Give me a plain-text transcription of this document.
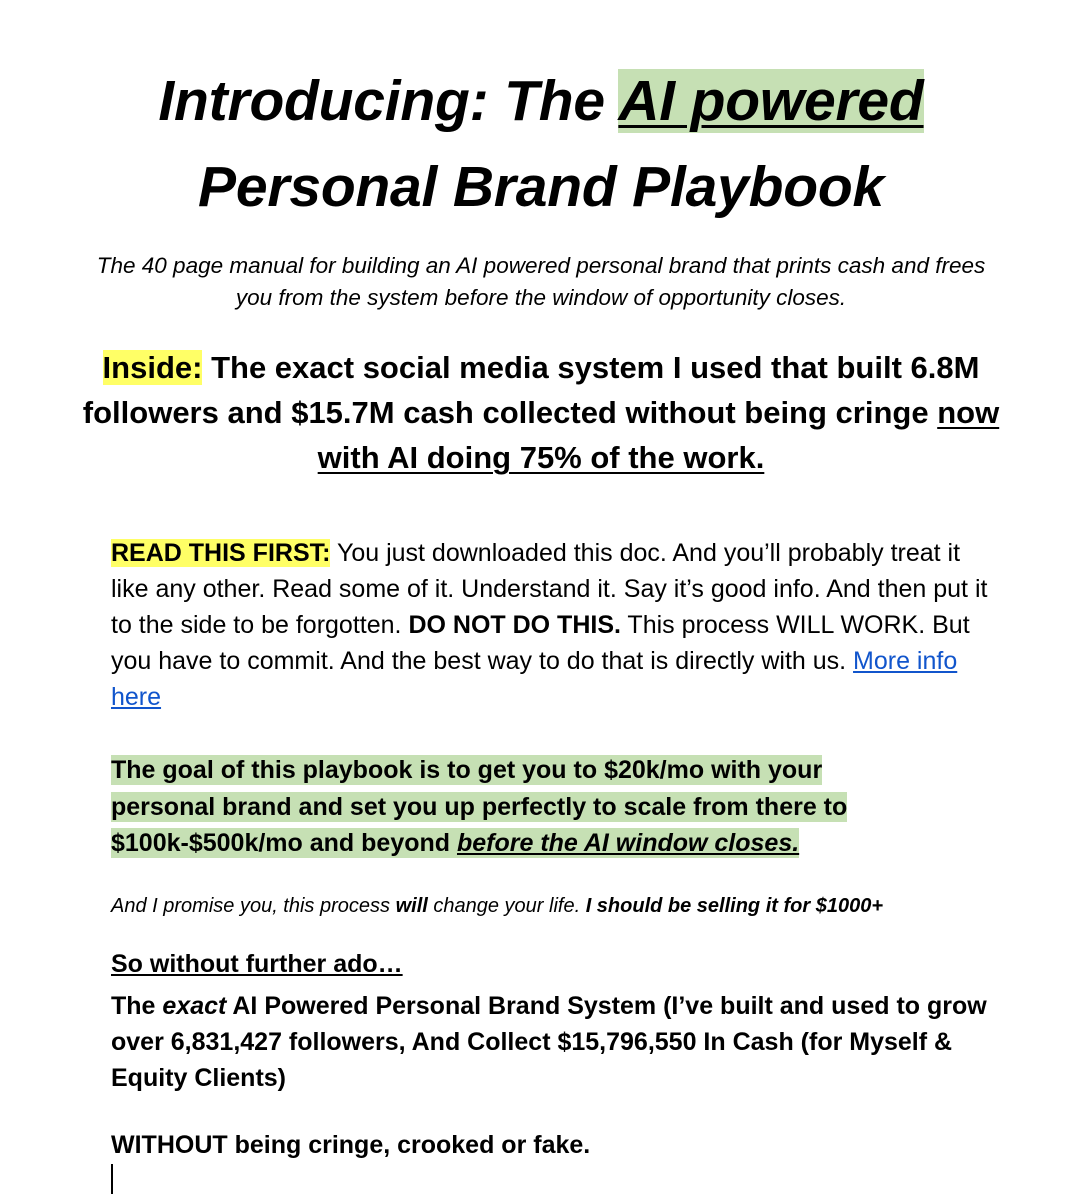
Introducing: The AI powered
Personal Brand Playbook
The 40 page manual for building an AI powered personal brand that prints cash and frees you from the system before the window of opportunity closes.
Inside: The exact social media system I used that built 6.8M followers and $15.7M cash collected without being cringe now with AI doing 75% of the work.
READ THIS FIRST: You just downloaded this doc. And you’ll probably treat it like any other. Read some of it. Understand it. Say it’s good info. And then put it to the side to be forgotten. DO NOT DO THIS. This process WILL WORK. But you have to commit. And the best way to do that is directly with us. More info here
The goal of this playbook is to get you to $20k/mo with your
personal brand and set you up perfectly to scale from there to
$100k-$500k/mo and beyond before the AI window closes.
And I promise you, this process will change your life. I should be selling it for $1000+
So without further ado…
The exact AI Powered Personal Brand System (I’ve built and used to grow over 6,831,427 followers, And Collect $15,796,550 In Cash (for Myself & Equity Clients)
WITHOUT being cringe, crooked or fake.
